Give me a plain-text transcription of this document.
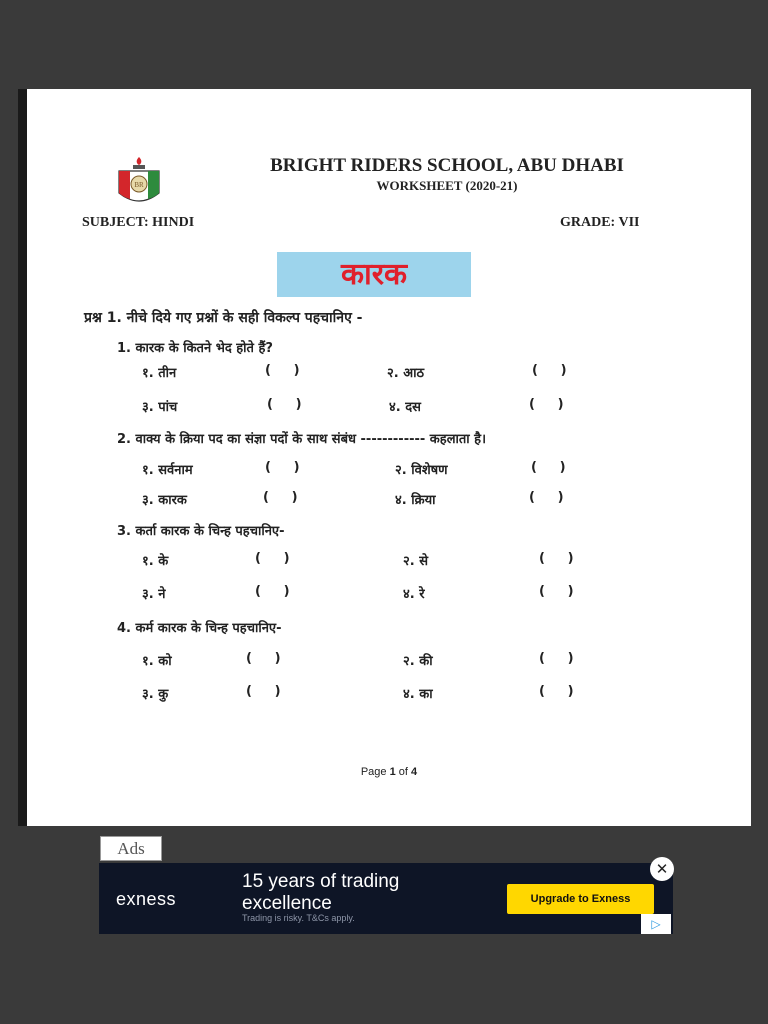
BR
BRIGHT RIDERS SCHOOL, ABU DHABI
WORKSHEET (2020-21)
SUBJECT: HINDI	GRADE: VII
कारक
प्रश्न 1. नीचे दिये गए प्रश्नों के सही विकल्प पहचानिए -
1. कारक के कितने भेद होते हैं?
१. तीन	(     )	२. आठ	(     )
३. पांच	(     )	४. दस	(     )
2. वाक्य के क्रिया पद का संज्ञा पदों के साथ संबंध ------------ कहलाता है।
१. सर्वनाम	(     )	२. विशेषण	(     )
३. कारक	(     )	४. क्रिया	(     )
3. कर्ता कारक के चिन्ह पहचानिए-
१. के	(     )	२. से	(     )
३. ने	(     )	४. रे	(     )
4. कर्म कारक के चिन्ह पहचानिए-
१. को	(     )	२. की	(     )
३. कु	(     )	४. का	(     )
Page 1 of 4
Ads
exness
15 years of trading excellence
Trading is risky. T&Cs apply.
Upgrade to Exness
✕
▷
